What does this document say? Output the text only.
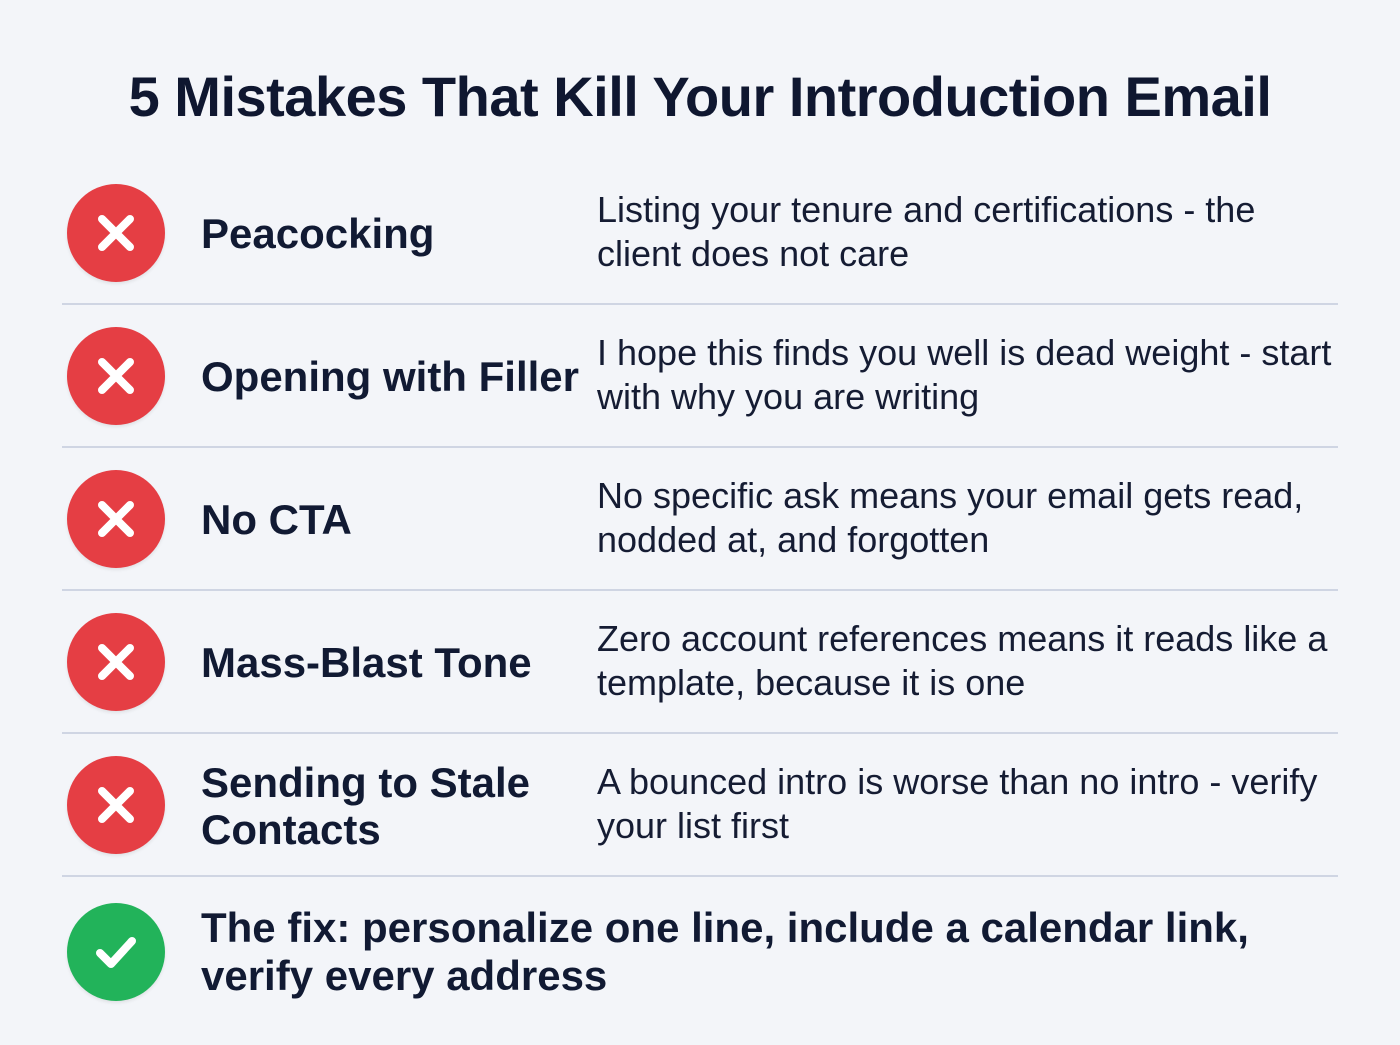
5 Mistakes That Kill Your Introduction Email
Peacocking
Listing your tenure and certifications - the client does not care
Opening with Filler
I hope this finds you well is dead weight - start with why you are writing
No CTA
No specific ask means your email gets read, nodded at, and forgotten
Mass-Blast Tone
Zero account references means it reads like a template, because it is one
Sending to Stale Contacts
A bounced intro is worse than no intro - verify your list first
The fix: personalize one line, include a calendar link, verify every address
